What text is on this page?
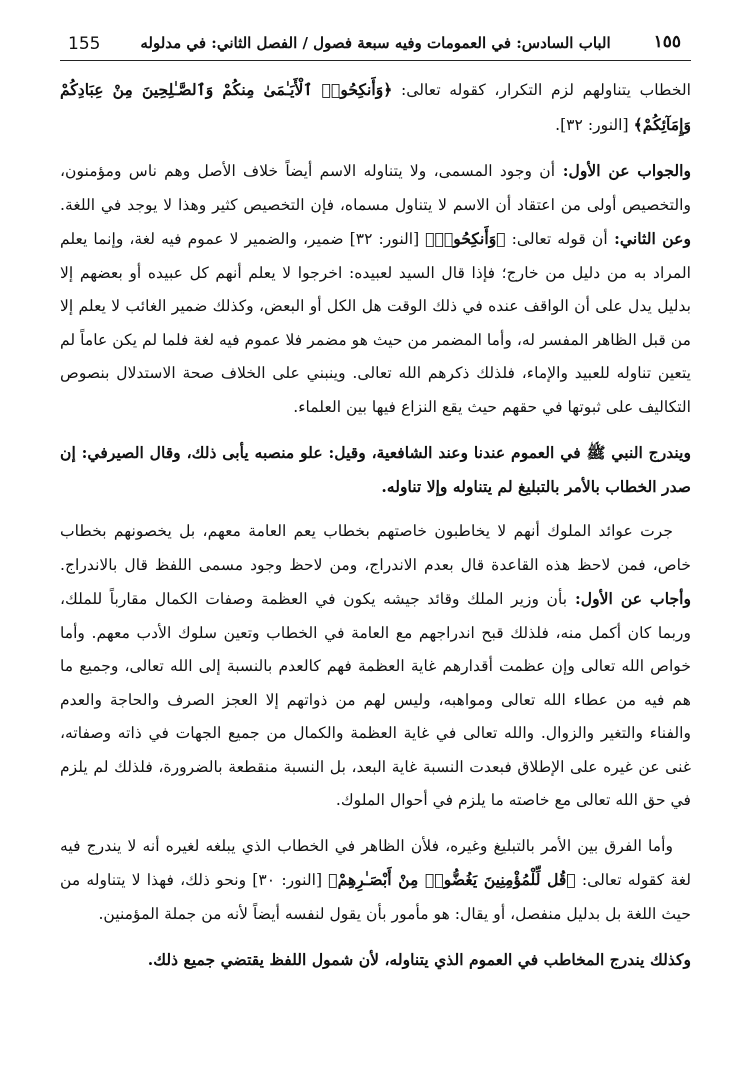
١٥٥
الباب السادس: في العمومات وفيه سبعة فصول / الفصل الثاني: في مدلوله
155

الخطاب يتناولهم لزم التكرار، كقوله تعالى: ﴿وَأَنكِحُوا۟ ٱلْأَيَـٰمَىٰ مِنكُمْ وَٱلصَّـٰلِحِينَ مِنْ عِبَادِكُمْ وَإِمَآئِكُمْ﴾ [النور: ٣٢].

والجواب عن الأول: أن وجود المسمى، ولا يتناوله الاسم أيضاً خلاف الأصل وهم ناس ومؤمنون، والتخصيص أولى من اعتقاد أن الاسم لا يتناول مسماه، فإن التخصيص كثير وهذا لا يوجد في اللغة. وعن الثاني: أن قوله تعالى: ﴿وَأَنكِحُوا۟﴾ [النور: ٣٢] ضمير، والضمير لا عموم فيه لغة، وإنما يعلم المراد به من دليل من خارج؛ فإذا قال السيد لعبيده: اخرجوا لا يعلم أنهم كل عبيده أو بعضهم إلا بدليل يدل على أن الواقف عنده في ذلك الوقت هل الكل أو البعض، وكذلك ضمير الغائب لا يعلم إلا من قبل الظاهر المفسر له، وأما المضمر من حيث هو مضمر فلا عموم فيه لغة فلما لم يكن عاماً لم يتعين تناوله للعبيد والإماء، فلذلك ذكرهم الله تعالى. وينبني على الخلاف صحة الاستدلال بنصوص التكاليف على ثبوتها في حقهم حيث يقع النزاع فيها بين العلماء.

ويندرج النبي ﷺ في العموم عندنا وعند الشافعية، وقيل: علو منصبه يأبى ذلك، وقال الصيرفي: إن صدر الخطاب بالأمر بالتبليغ لم يتناوله وإلا تناوله.

جرت عوائد الملوك أنهم لا يخاطبون خاصتهم بخطاب يعم العامة معهم، بل يخصونهم بخطاب خاص، فمن لاحظ هذه القاعدة قال بعدم الاندراج، ومن لاحظ وجود مسمى اللفظ قال بالاندراج. وأجاب عن الأول: بأن وزير الملك وقائد جيشه يكون في العظمة وصفات الكمال مقارباً للملك، وربما كان أكمل منه، فلذلك قبح اندراجهم مع العامة في الخطاب وتعين سلوك الأدب معهم. وأما خواص الله تعالى وإن عظمت أقدارهم غاية العظمة فهم كالعدم بالنسبة إلى الله تعالى، وجميع ما هم فيه من عطاء الله تعالى ومواهبه، وليس لهم من ذواتهم إلا العجز الصرف والحاجة والعدم والفناء والتغير والزوال. والله تعالى في غاية العظمة والكمال من جميع الجهات في ذاته وصفاته، غنى عن غيره على الإطلاق فبعدت النسبة غاية البعد، بل النسبة منقطعة بالضرورة، فلذلك لم يلزم في حق الله تعالى مع خاصته ما يلزم في أحوال الملوك.

وأما الفرق بين الأمر بالتبليغ وغيره، فلأن الظاهر في الخطاب الذي يبلغه لغيره أنه لا يندرج فيه لغة كقوله تعالى: ﴿قُل لِّلْمُؤْمِنِينَ يَغُضُّوا۟ مِنْ أَبْصَـٰرِهِمْ﴾ [النور: ٣٠] ونحو ذلك، فهذا لا يتناوله من حيث اللغة بل بدليل منفصل، أو يقال: هو مأمور بأن يقول لنفسه أيضاً لأنه من جملة المؤمنين.

وكذلك يندرج المخاطب في العموم الذي يتناوله، لأن شمول اللفظ يقتضي جميع ذلك.
